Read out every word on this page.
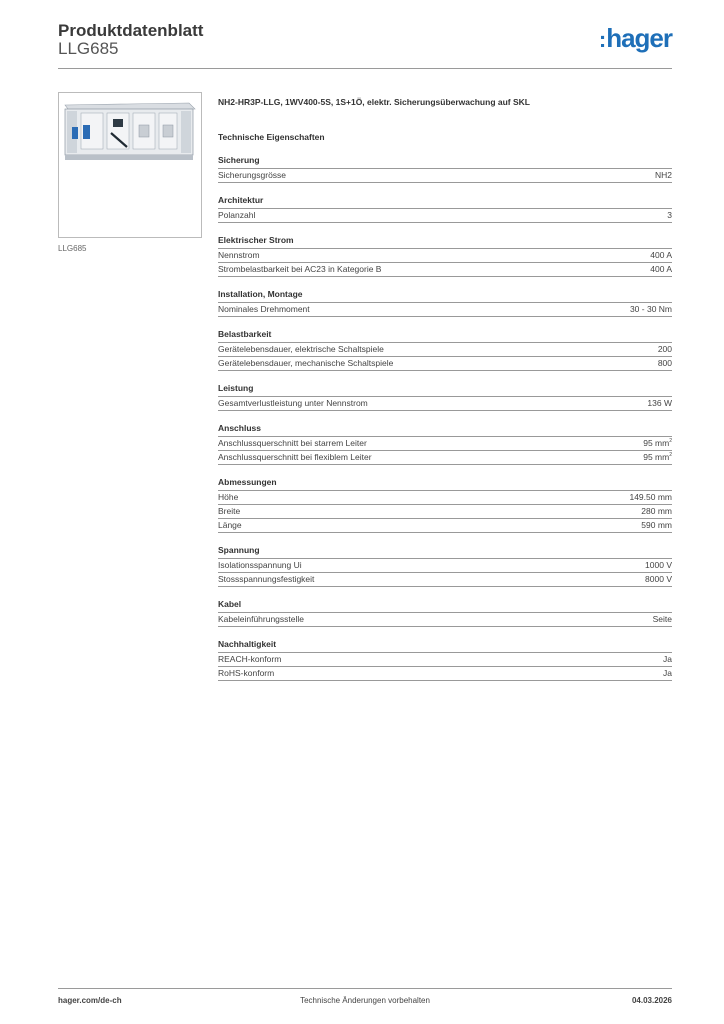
Produktdatenblatt
LLG685	:hager
LLG685
NH2-HR3P-LLG, 1WV400-5S, 1S+1Ö, elektr. Sicherungsüberwachung auf SKL
Technische Eigenschaften
Sicherung
Sicherungsgrösse	NH2
Architektur
Polanzahl	3
Elektrischer Strom
Nennstrom	400 A
Strombelastbarkeit bei AC23 in Kategorie B	400 A
Installation, Montage
Nominales Drehmoment	30 - 30 Nm
Belastbarkeit
Gerätelebensdauer, elektrische Schaltspiele	200
Gerätelebensdauer, mechanische Schaltspiele	800
Leistung
Gesamtverlustleistung unter Nennstrom	136 W
Anschluss
Anschlussquerschnitt bei starrem Leiter	95 $mm^2$
Anschlussquerschnitt bei flexiblem Leiter	95 $mm^2$
Abmessungen
Höhe	149.50 mm
Breite	280 mm
Länge	590 mm
Spannung
Isolationsspannung Ui	1000 V
Stossspannungsfestigkeit	8000 V
Kabel
Kabeleinführungsstelle	Seite
Nachhaltigkeit
REACH-konform	Ja
RoHS-konform	Ja
hager.com/de-ch	Technische Änderungen vorbehalten	04.03.2026
